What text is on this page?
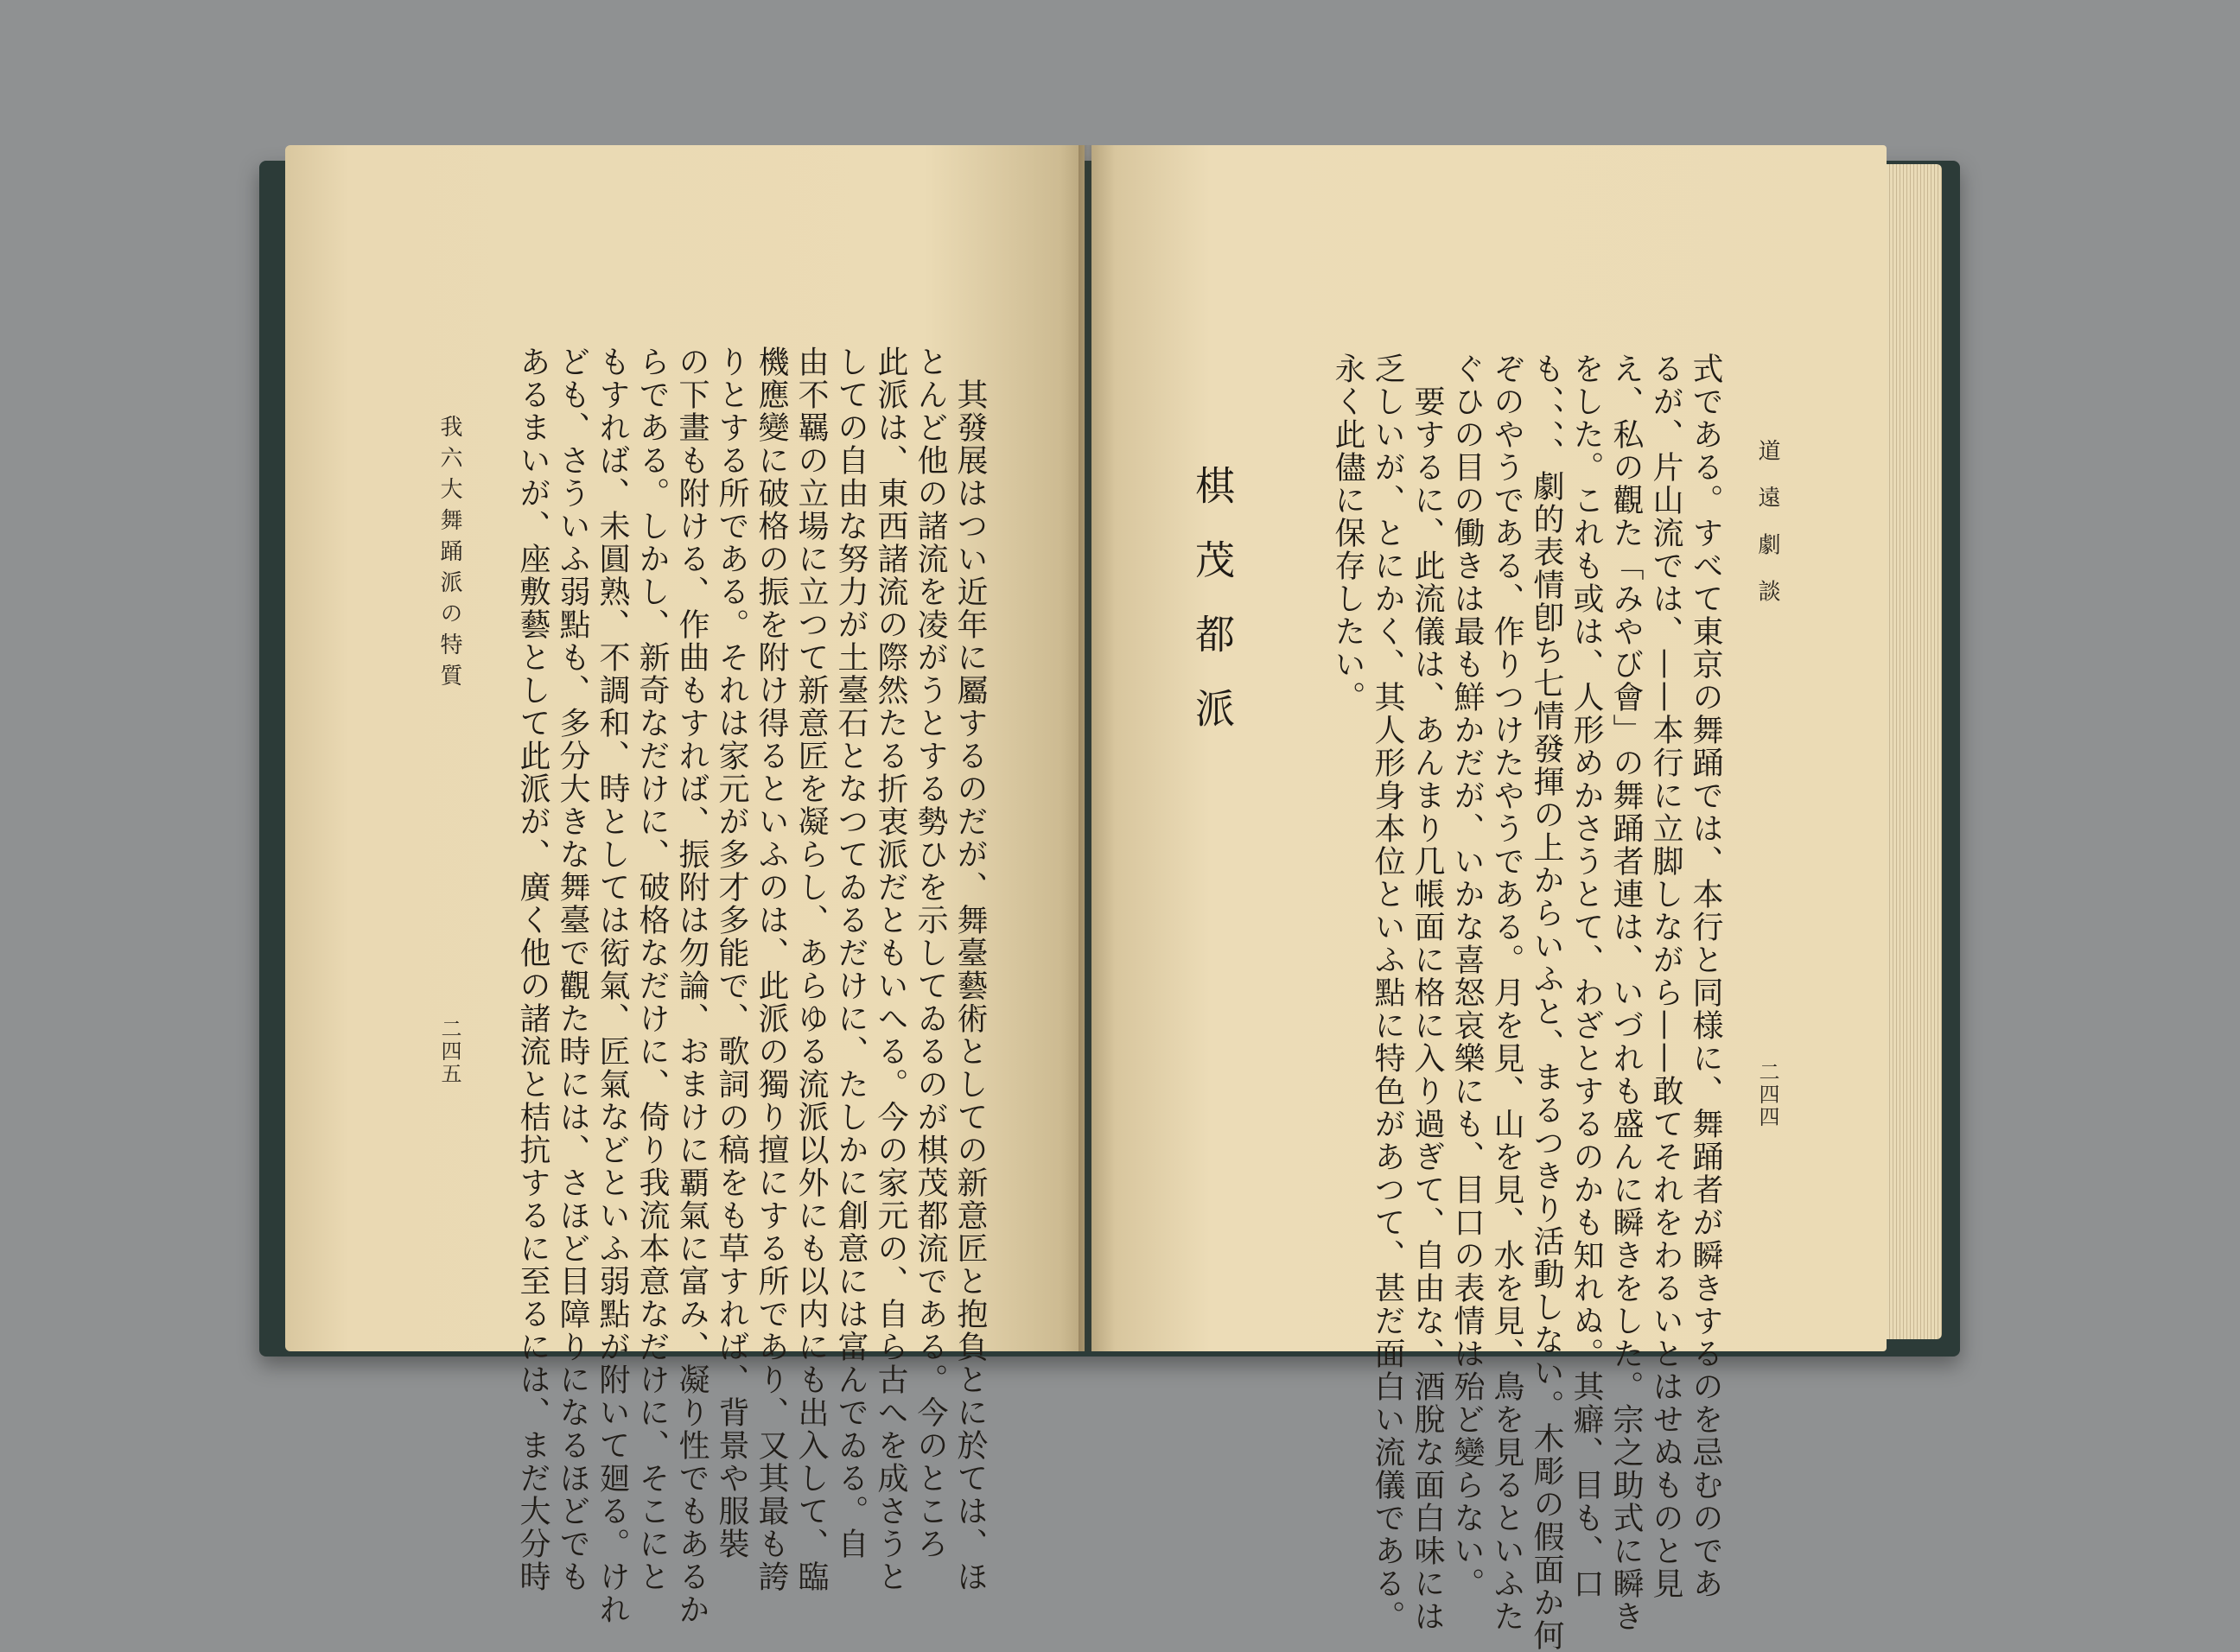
二四五
我六大舞踊派の特質	　其發展はつい近年に屬するのだが、舞臺藝術としての新意匠と抱負とに於ては、ほ
とんど他の諸流を凌がうとする勢ひを示してゐるのが棋茂都流である。今のところ
此派は、東西諸流の際然たる折衷派だともいへる。今の家元の、自ら古へを成さうと
しての自由な努力が土臺石となつてゐるだけに、たしかに創意には富んでゐる。自
由不羈の立場に立つて新意匠を凝らし、あらゆる流派以外にも以内にも出入して、臨
機應變に破格の振を附け得るといふのは、此派の獨り擅にする所であり、又其最も誇
りとする所である。それは家元が多才多能で、歌詞の稿をも草すれば、背景や服裝
の下畫も附ける、作曲もすれば、振附は勿論、おまけに覇氣に富み、凝り性でもあるか
らである。しかし、新奇なだけに、破格なだけに、倚り我流本意なだけに、そこにと
もすれば、未圓熟、不調和、時としては衒氣、匠氣などといふ弱點が附いて廻る。けれ
ども、さういふ弱點も、多分大きな舞臺で觀た時には、さほど目障りになるほどでも
あるまいが、座敷藝として此派が、廣く他の諸流と桔抗するに至るには、まだ大分時	道 遠 劇 談
二四四
式である。すべて東京の舞踊では、本行と同様に、舞踊者が瞬きするのを忌むのであ
るが、片山流では、——本行に立脚しながら——敢てそれをわるいとはせぬものと見
え、私の觀た「みやび會」の舞踊者連は、いづれも盛んに瞬きをした。宗之助式に瞬き
をした。これも或は、人形めかさうとて、わざとするのかも知れぬ。其癖、目も、口
も、、、、劇的表情卽ち七情發揮の上からいふと、まるつきり活動しない。木彫の假面か何
ぞのやうである、作りつけたやうである。月を見、山を見、水を見、鳥を見るといふた
ぐひの目の働きは最も鮮かだが、いかな喜怒哀樂にも、目口の表情は殆ど變らない。
　要するに、此流儀は、あんまり几帳面に格に入り過ぎて、自由な、酒脫な面白味には
乏しいが、とにかく、其人形身本位といふ點に特色があつて、甚だ面白い流儀である。
永く此儘に保存したい。
棋茂都派
